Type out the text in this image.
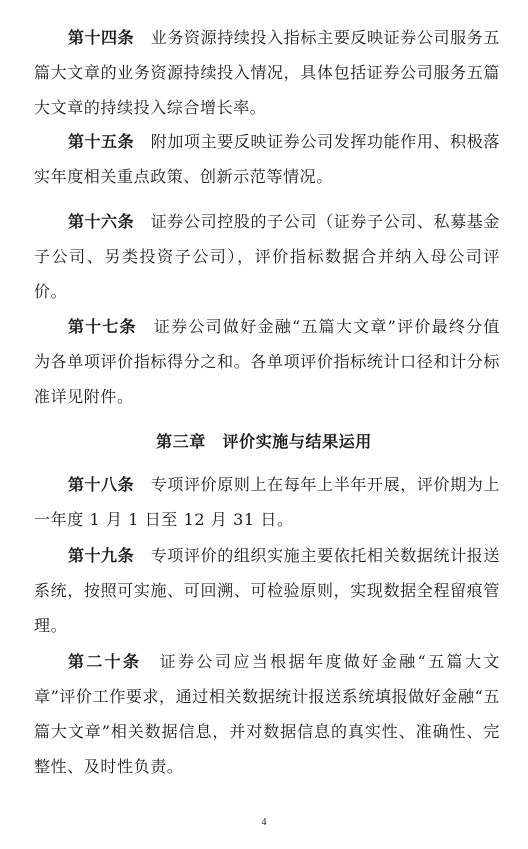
第十四条　 业务资源持续投入指标主要反映证券公司服务五篇大文章的业务资源持续投入情况，具体包括证券公司服务五篇大文章的持续投入综合增长率。

第十五条　 附加项主要反映证券公司发挥功能作用、积极落实年度相关重点政策、创新示范等情况。

第十六条　 证券公司控股的子公司（证券子公司、私募基金子公司、另类投资子公司），评价指标数据合并纳入母公司评价。

第十七条　 证券公司做好金融“五篇大文章”评价最终分值为各单项评价指标得分之和。各单项评价指标统计口径和计分标准详见附件。

第三章　评价实施与结果运用

第十八条　 专项评价原则上在每年上半年开展，评价期为上一年度 1 月 1 日至 12 月 31 日。

第十九条　 专项评价的组织实施主要依托相关数据统计报送系统，按照可实施、可回溯、可检验原则，实现数据全程留痕管理。

第二十条　 证券公司应当根据年度做好金融“五篇大文章”评价工作要求，通过相关数据统计报送系统填报做好金融“五篇大文章”相关数据信息，并对数据信息的真实性、准确性、完整性、及时性负责。

4
